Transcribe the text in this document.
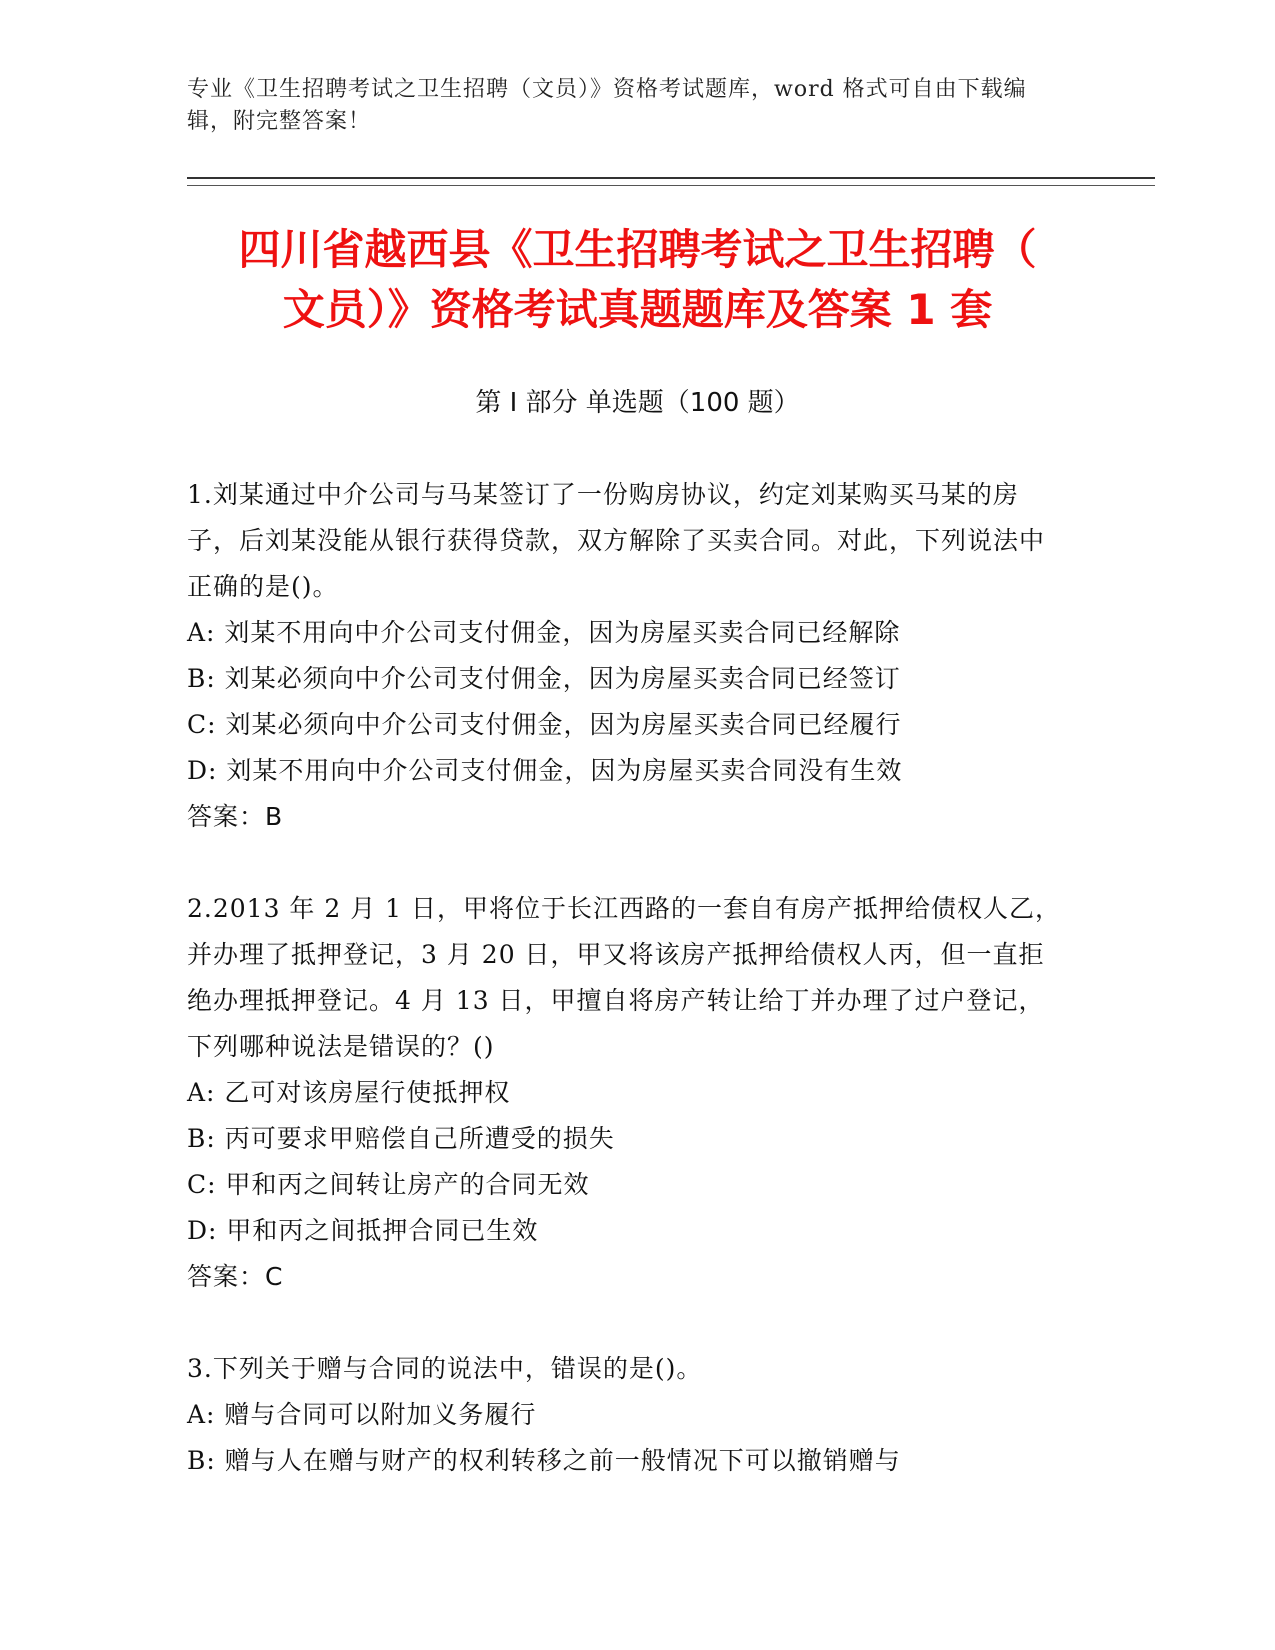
专业《卫生招聘考试之卫生招聘（文员）》资格考试题库，word 格式可自由下载编辑，附完整答案！
四川省越西县《卫生招聘考试之卫生招聘（
文员）》资格考试真题题库及答案 1 套
第 I 部分 单选题（100 题）

1.刘某通过中介公司与马某签订了一份购房协议，约定刘某购买马某的房子，后刘某没能从银行获得贷款，双方解除了买卖合同。对此，下列说法中正确的是()。

A: 刘某不用向中介公司支付佣金，因为房屋买卖合同已经解除

B: 刘某必须向中介公司支付佣金，因为房屋买卖合同已经签订

C: 刘某必须向中介公司支付佣金，因为房屋买卖合同已经履行

D: 刘某不用向中介公司支付佣金，因为房屋买卖合同没有生效

答案：B

2.2013 年 2 月 1 日，甲将位于长江西路的一套自有房产抵押给债权人乙，并办理了抵押登记，3 月 20 日，甲又将该房产抵押给债权人丙，但一直拒绝办理抵押登记。4 月 13 日，甲擅自将房产转让给丁并办理了过户登记，下列哪种说法是错误的？()

A: 乙可对该房屋行使抵押权

B: 丙可要求甲赔偿自己所遭受的损失

C: 甲和丙之间转让房产的合同无效

D: 甲和丙之间抵押合同已生效

答案：C

3.下列关于赠与合同的说法中，错误的是()。

A: 赠与合同可以附加义务履行

B: 赠与人在赠与财产的权利转移之前一般情况下可以撤销赠与
